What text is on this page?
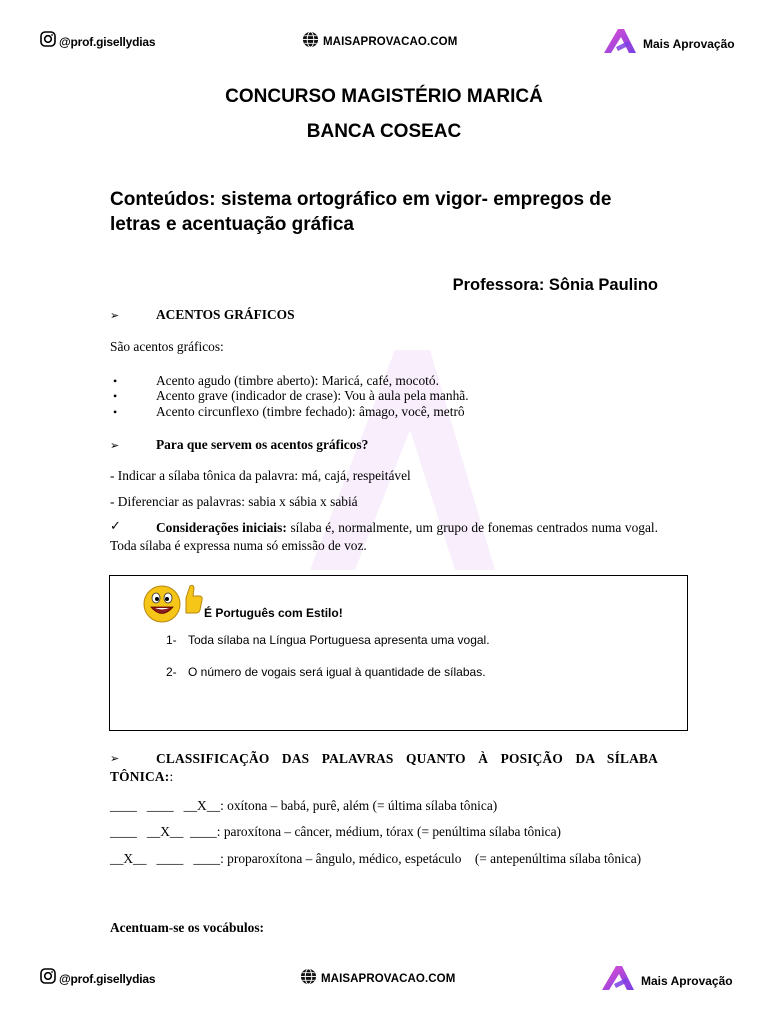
@prof.gisellydias	MAISAPROVACAO.COM	Mais Aprovação
CONCURSO MAGISTÉRIO MARICÁ
BANCA COSEAC
Conteúdos: sistema ortográfico em vigor- empregos de letras e acentuação gráfica
Professora: Sônia Paulino
➢	ACENTOS GRÁFICOS
São acentos gráficos:
•	Acento agudo (timbre aberto): Maricá, café, mocotó.
•	Acento grave (indicador de crase): Vou à aula pela manhã.
•	Acento circunflexo (timbre fechado): âmago, você, metrô
➢	Para que servem os acentos gráficos?
- Indicar a sílaba tônica da palavra: má, cajá, respeitável
- Diferenciar as palavras: sabia x sábia x sabiá
✓	Considerações iniciais: sílaba é, normalmente, um grupo de fonemas centrados numa vogal. Toda sílaba é expressa numa só emissão de voz.
É Português com Estilo!
1- Toda sílaba na Língua Portuguesa apresenta uma vogal.
2- O número de vogais será igual à quantidade de sílabas.
➢	CLASSIFICAÇÃO DAS PALAVRAS QUANTO À POSIÇÃO DA SÍLABA TÔNICA::
____   ____   __X__: oxítona – babá, purê, além (= última sílaba tônica)
____   __X__  ____: paroxítona – câncer, médium, tórax (= penúltima sílaba tônica)
__X__   ____   ____: proparoxítona – ângulo, médico, espetáculo    (= antepenúltima sílaba tônica)
Acentuam-se os vocábulos:
@prof.gisellydias	MAISAPROVACAO.COM	Mais Aprovação
